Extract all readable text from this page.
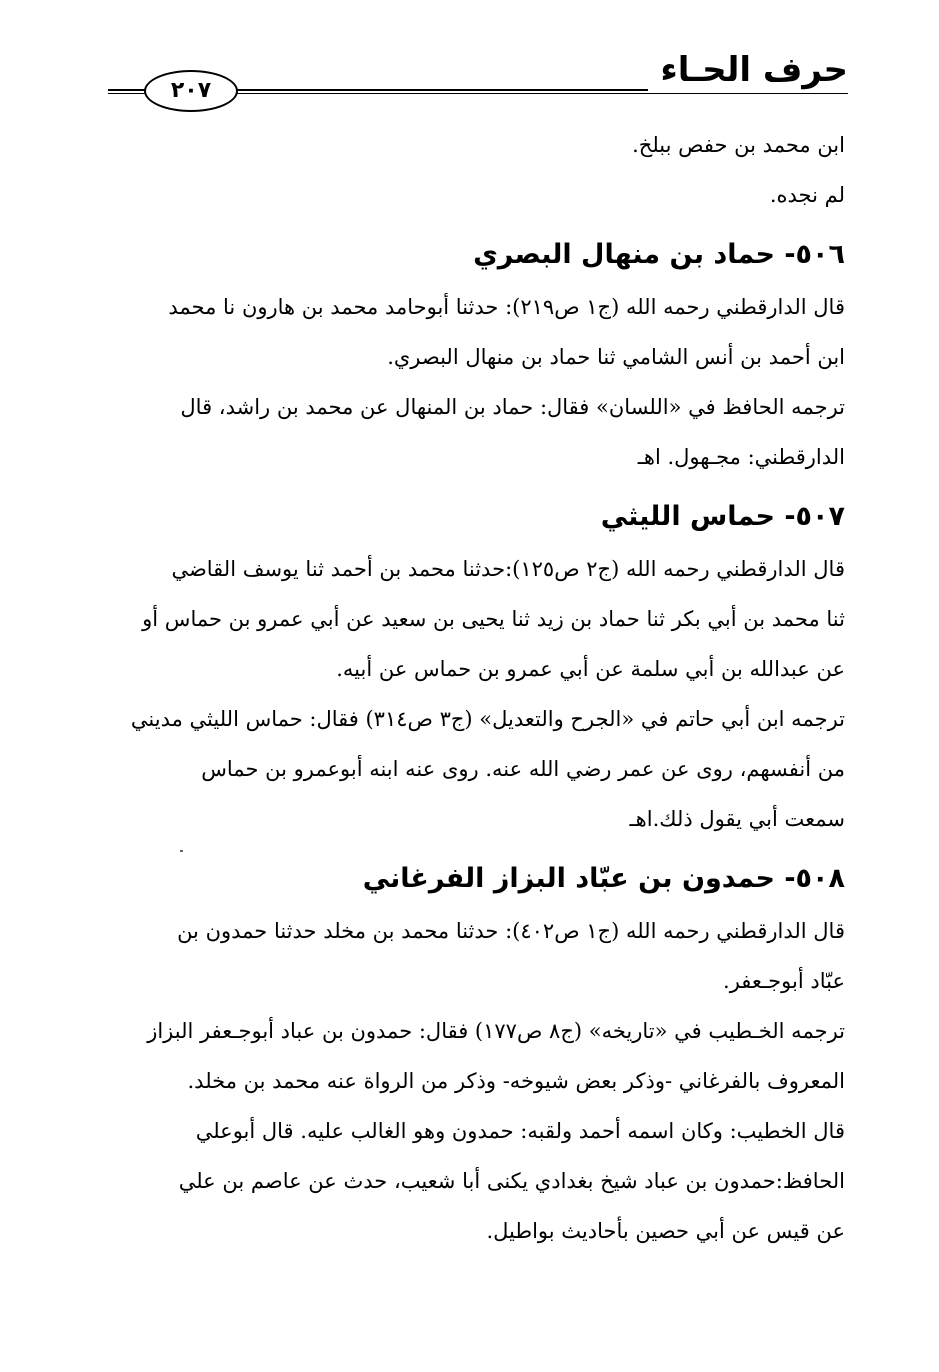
حرف الحـاء
٢٠٧
ابن محمد بن حفص ببلخ.
لم نجده.
٥٠٦- حماد بن منهال البصري
قال الدارقطني رحمه الله (ج١ ص٢١٩): حدثنا أبوحامد محمد بن هارون نا محمد
ابن أحمد بن أنس الشامي ثنا حماد بن منهال البصري.
ترجمه الحافظ في «اللسان» فقال: حماد بن المنهال عن محمد بن راشد، قال
الدارقطني: مجـهول. اهـ
٥٠٧- حماس الليثي
قال الدارقطني رحمه الله (ج٢ ص١٢٥):حدثنا محمد بن أحمد ثنا يوسف القاضي
ثنا محمد بن أبي بكر ثنا حماد بن زيد ثنا يحيى بن سعيد عن أبي عمرو بن حماس أو
عن عبدالله بن أبي سلمة عن أبي عمرو بن حماس عن أبيه.
ترجمه ابن أبي حاتم في «الجرح والتعديل» (ج٣ ص٣١٤) فقال: حماس الليثي مديني
من أنفسهم، روى عن عمر رضي الله عنه. روى عنه ابنه أبوعمرو بن حماس
سمعت أبي يقول ذلك.اهـ
٥٠٨- حمدون بن عبّاد البزاز الفرغاني
قال الدارقطني رحمه الله (ج١ ص٤٠٢): حدثنا محمد بن مخلد حدثنا حمدون بن
عبّاد أبوجـعفر.
ترجمه الخـطيب في «تاريخه» (ج٨ ص١٧٧) فقال: حمدون بن عباد أبوجـعفر البزاز
المعروف بالفرغاني -وذكر بعض شيوخه- وذكر من الرواة عنه محمد بن مخلد.
قال الخطيب: وكان اسمه أحمد ولقبه: حمدون وهو الغالب عليه. قال أبوعلي
الحافظ:حمدون بن عباد شيخ بغدادي يكنى أبا شعيب، حدث عن عاصم بن علي
عن قيس عن أبي حصين بأحاديث بواطيل.
